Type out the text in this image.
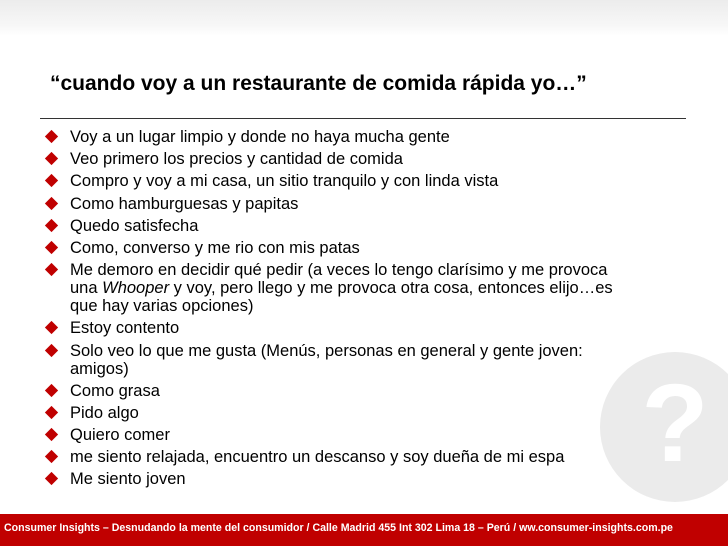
“cuando voy a un restaurante de comida rápida yo…”
?
Voy a un lugar limpio y donde no haya mucha gente
Veo primero los precios y cantidad de comida
Compro y voy a mi casa, un sitio tranquilo y con linda vista
Como hamburguesas y papitas
Quedo satisfecha
Como, converso y me rio con mis patas
Me demoro en decidir qué pedir (a veces lo tengo clarísimo y me provoca
una Whooper y voy, pero llego y me provoca otra cosa, entonces elijo…es
que hay varias opciones)
Estoy contento
Solo veo lo que me gusta (Menús, personas en general y gente joven:
amigos)
Como grasa
Pido algo
Quiero comer
me siento relajada, encuentro un descanso y soy dueña de mi espa
Me siento joven
Consumer Insights – Desnudando la mente del consumidor / Calle Madrid 455 Int 302 Lima 18 – Perú / ww.consumer-insights.com.pe
